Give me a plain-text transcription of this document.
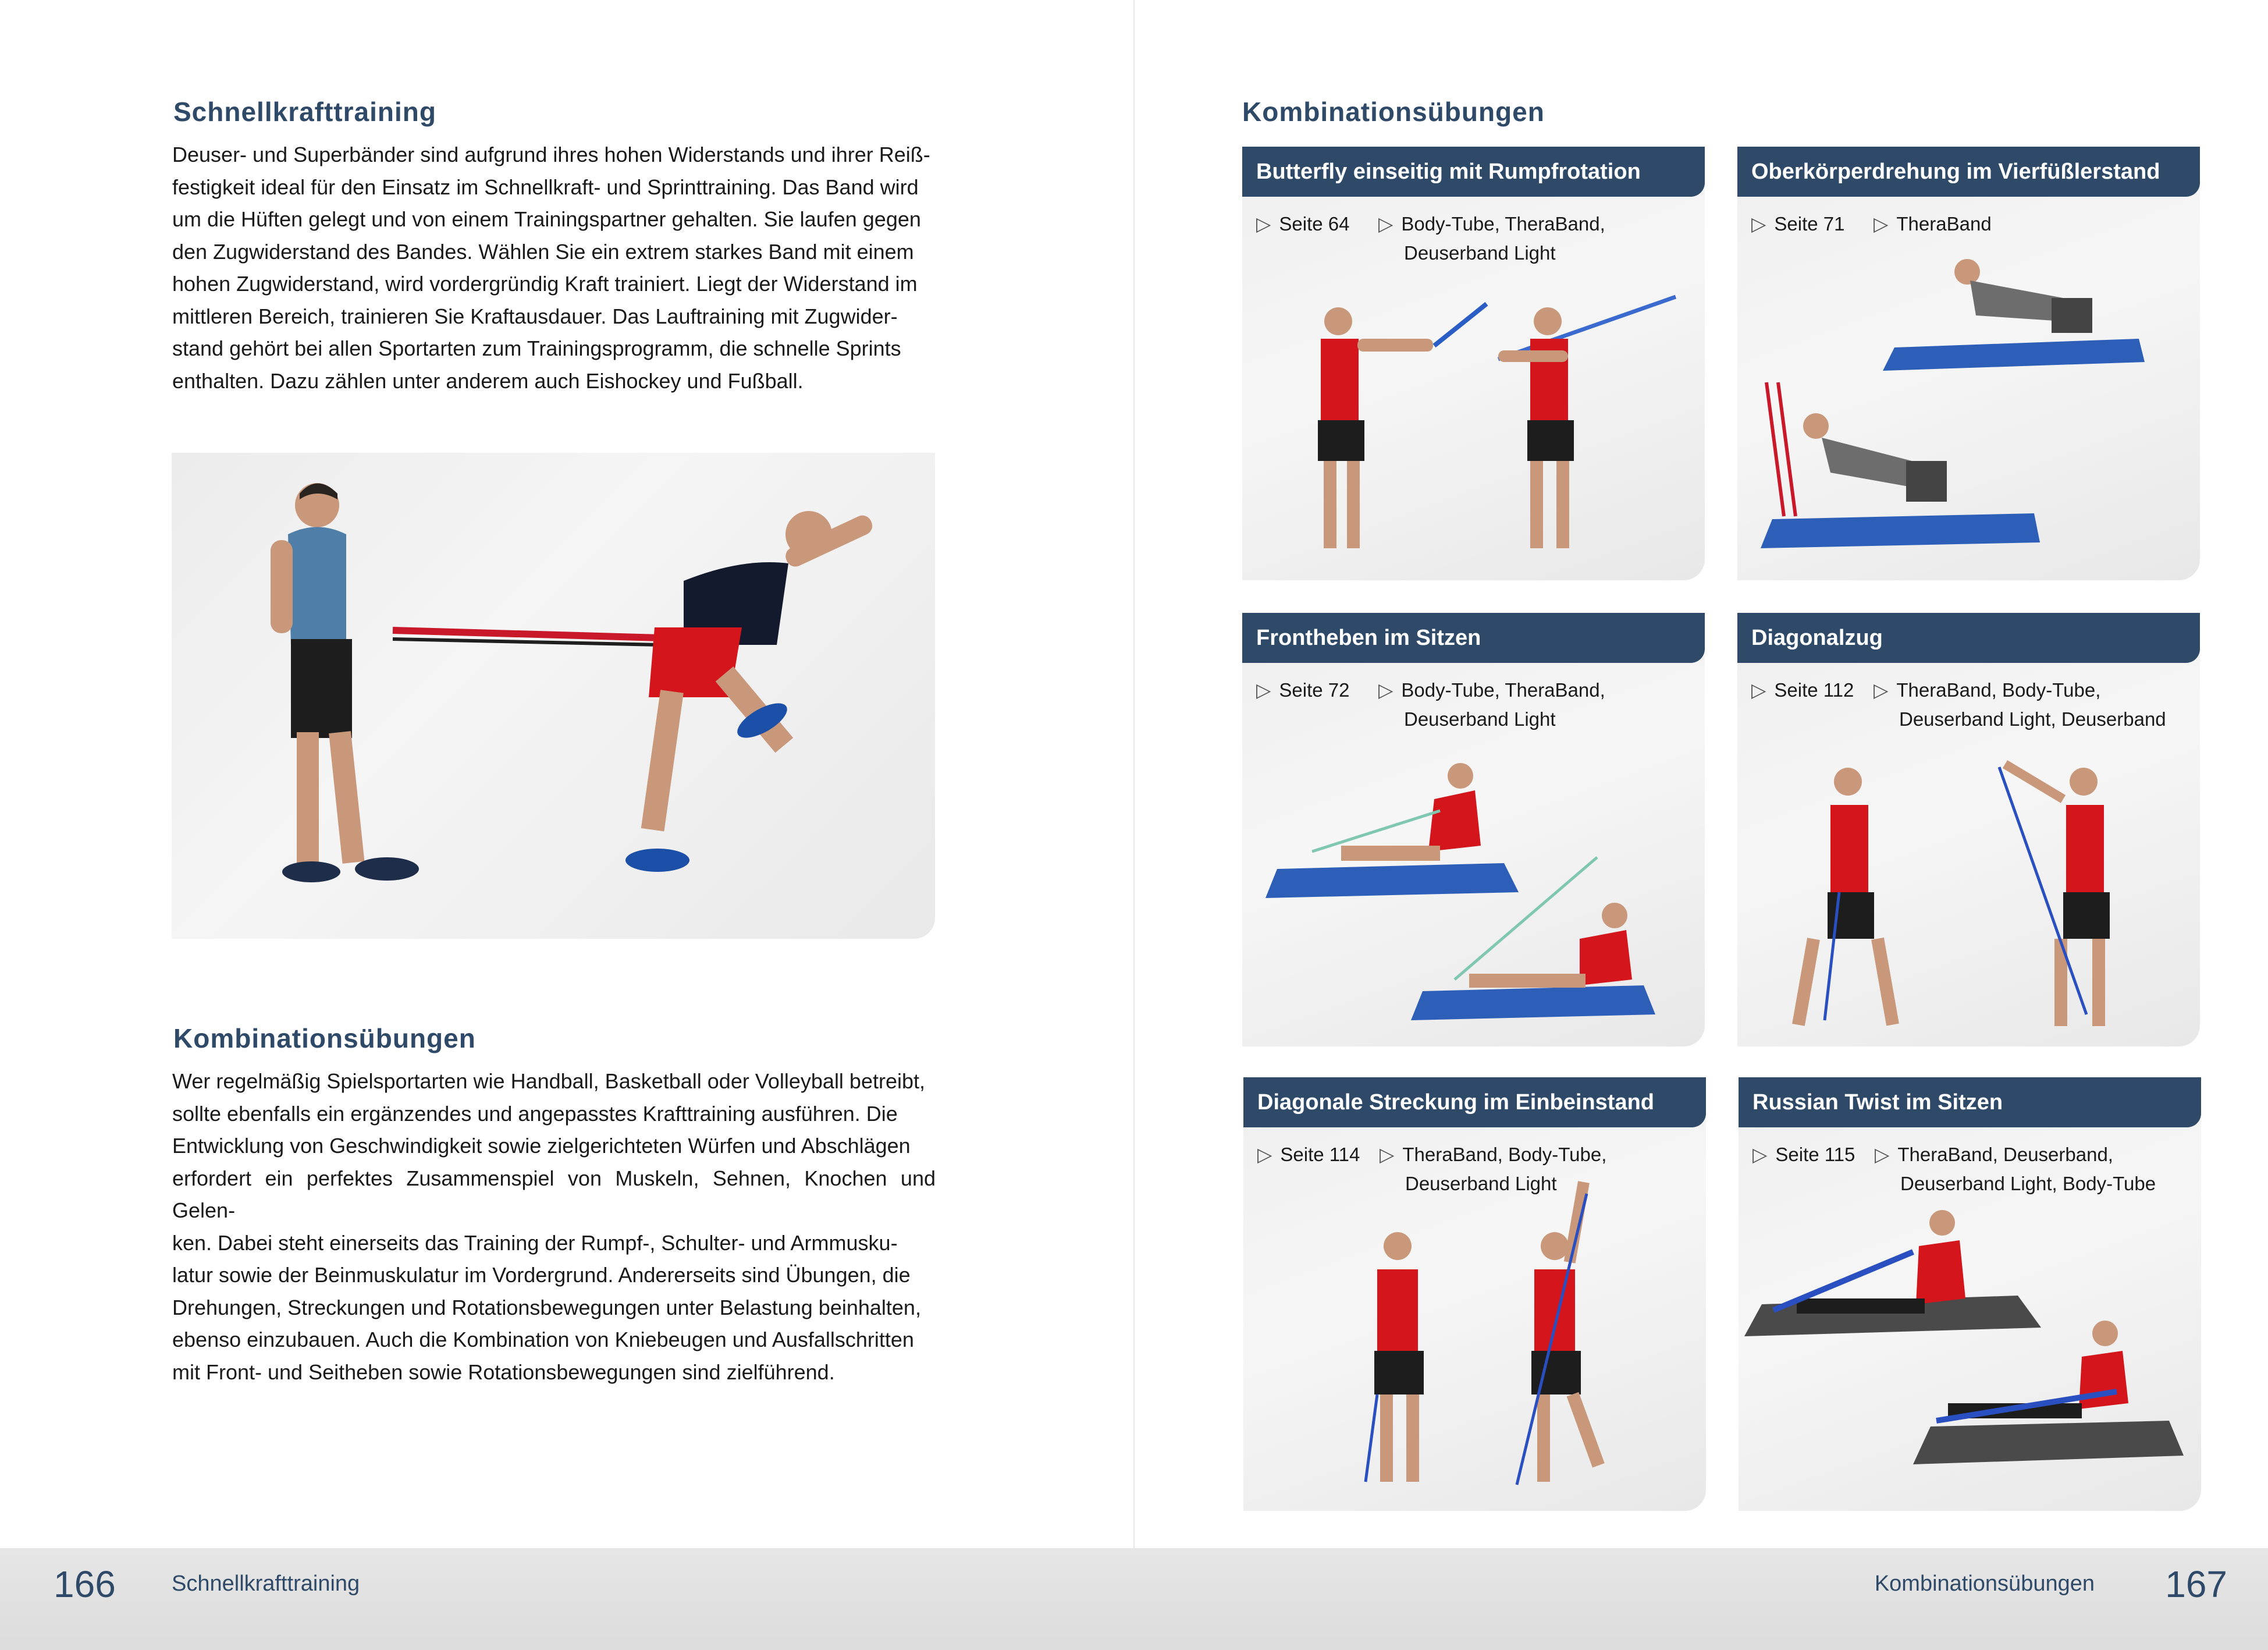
Schnellkrafttraining
Deuser- und Superbänder sind aufgrund ihres hohen Widerstands und ihrer Reiß-
festigkeit ideal für den Einsatz im Schnellkraft- und Sprinttraining. Das Band wird
um die Hüften gelegt und von einem Trainingspartner gehalten. Sie laufen gegen
den Zugwiderstand des Bandes. Wählen Sie ein extrem starkes Band mit einem
hohen Zugwiderstand, wird vordergründig Kraft trainiert. Liegt der Widerstand im
mittleren Bereich, trainieren Sie Kraftausdauer. Das Lauftraining mit Zugwider-
stand gehört bei allen Sportarten zum Trainingsprogramm, die schnelle Sprints
enthalten. Dazu zählen unter anderem auch Eishockey und Fußball.
Kombinationsübungen
Wer regelmäßig Spielsportarten wie Handball, Basketball oder Volleyball betreibt,
sollte ebenfalls ein ergänzendes und angepasstes Krafttraining ausführen. Die
Entwicklung von Geschwindigkeit sowie zielgerichteten Würfen und Abschlägen
erfordert ein perfektes Zusammenspiel von Muskeln, Sehnen, Knochen und Gelen-
ken. Dabei steht einerseits das Training der Rumpf-, Schulter- und Armmusku-
latur sowie der Beinmuskulatur im Vordergrund. Andererseits sind Übungen, die
Drehungen, Streckungen und Rotationsbewegungen unter Belastung beinhalten,
ebenso einzubauen. Auch die Kombination von Kniebeugen und Ausfallschritten
mit Front- und Seitheben sowie Rotationsbewegungen sind zielführend.
Kombinationsübungen
Butterfly einseitig mit Rumpfrotation
▷ Seite 64 ▷ Body-Tube, TheraBand,
Deuserband Light
Oberkörperdrehung im Vierfüßlerstand
▷ Seite 71 ▷ TheraBand
Frontheben im Sitzen
▷ Seite 72 ▷ Body-Tube, TheraBand,
Deuserband Light
Diagonalzug
▷ Seite 112 ▷ TheraBand, Body-Tube,
Deuserband Light, Deuserband
Diagonale Streckung im Einbeinstand
▷ Seite 114 ▷ TheraBand, Body-Tube,
Deuserband Light
Russian Twist im Sitzen
▷ Seite 115 ▷ TheraBand, Deuserband,
Deuserband Light, Body-Tube
166	Schnellkrafttraining	Kombinationsübungen 167
